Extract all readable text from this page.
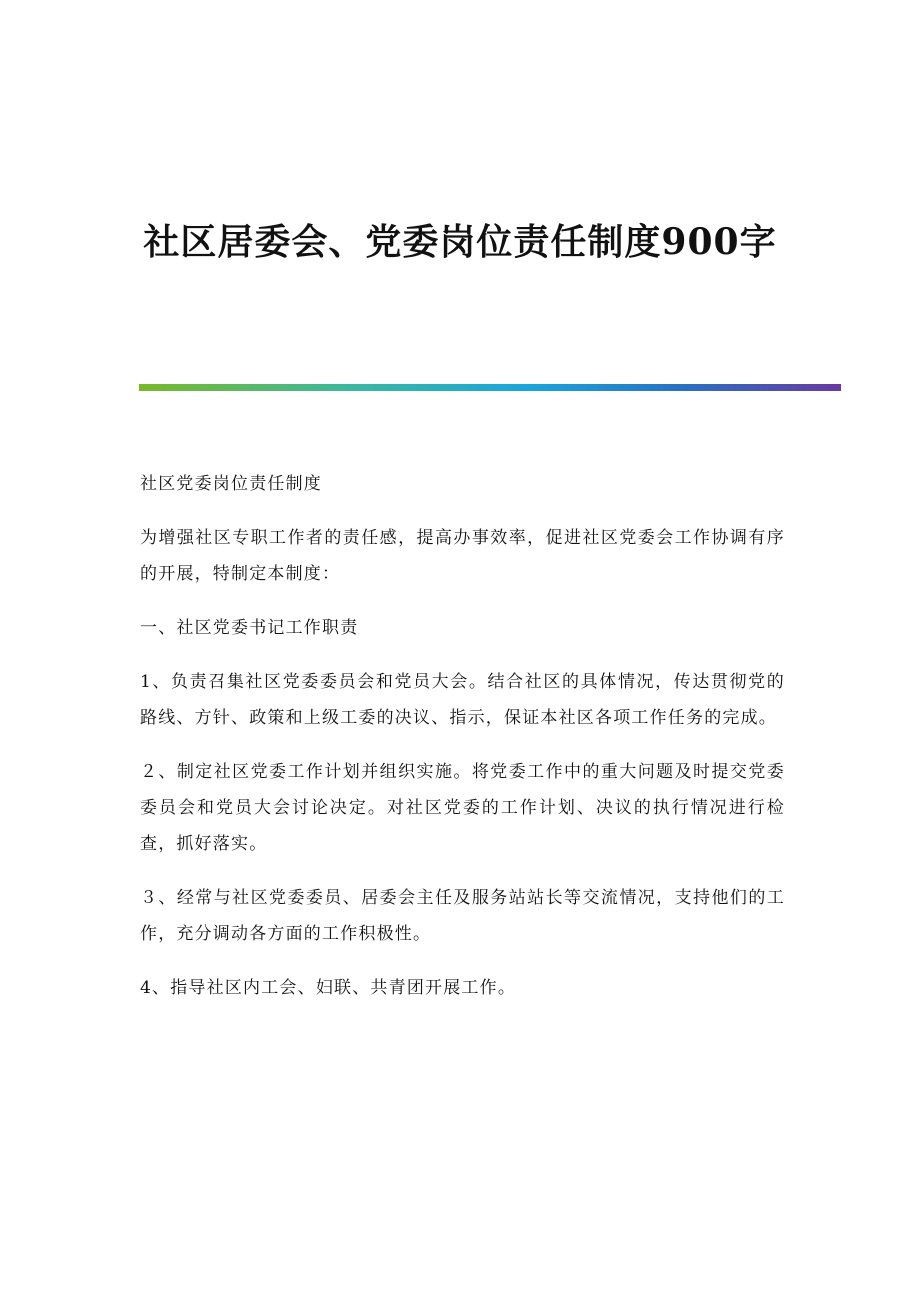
社区居委会、党委岗位责任制度900字

社区党委岗位责任制度

为增强社区专职工作者的责任感，提高办事效率，促进社区党委会工作协调有序的开展，特制定本制度：

一、社区党委书记工作职责

1、负责召集社区党委委员会和党员大会。结合社区的具体情况，传达贯彻党的路线、方针、政策和上级工委的决议、指示，保证本社区各项工作任务的完成。

２、制定社区党委工作计划并组织实施。将党委工作中的重大问题及时提交党委委员会和党员大会讨论决定。对社区党委的工作计划、决议的执行情况进行检查，抓好落实。

３、经常与社区党委委员、居委会主任及服务站站长等交流情况，支持他们的工作，充分调动各方面的工作积极性。

4、指导社区内工会、妇联、共青团开展工作。
